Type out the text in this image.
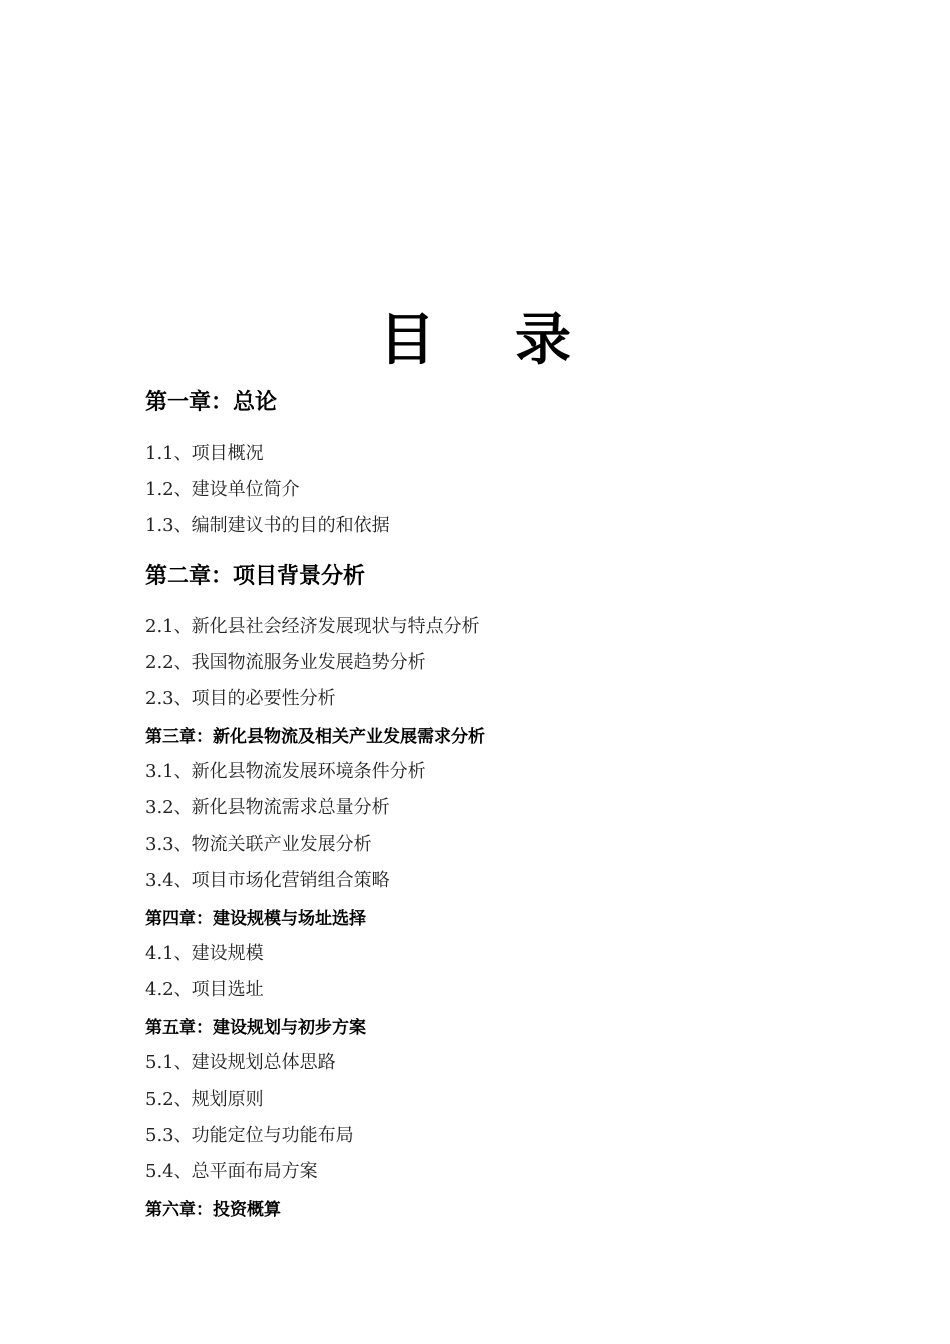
目 录
第一章：总论
1.1、项目概况
1.2、建设单位简介
1.3、编制建议书的目的和依据
第二章：项目背景分析
2.1、新化县社会经济发展现状与特点分析
2.2、我国物流服务业发展趋势分析
2.3、项目的必要性分析
第三章：新化县物流及相关产业发展需求分析
3.1、新化县物流发展环境条件分析
3.2、新化县物流需求总量分析
3.3、物流关联产业发展分析
3.4、项目市场化营销组合策略
第四章：建设规模与场址选择
4.1、建设规模
4.2、项目选址
第五章：建设规划与初步方案
5.1、建设规划总体思路
5.2、规划原则
5.3、功能定位与功能布局
5.4、总平面布局方案
第六章：投资概算
